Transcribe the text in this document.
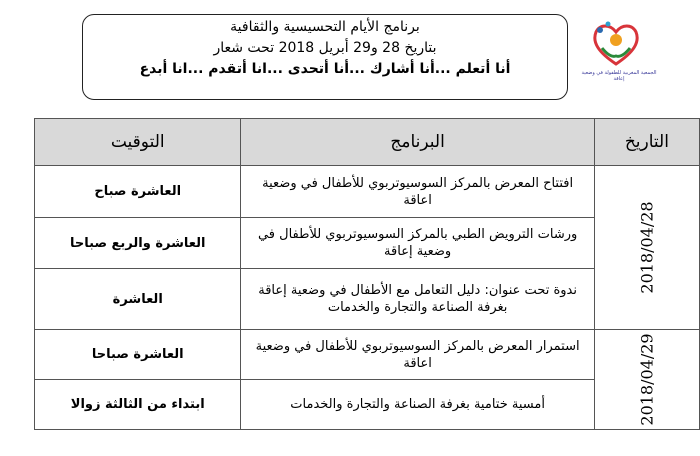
برنامج الأيام التحسيسية والثقافية
بتاريخ 28 و29 أبريل 2018 تحت شعار
أنا أتعلم ...أنا أشارك ...أنا أتحدى ...انا أتقدم ...انا أبدع	الجمعية المغربية للطفولة في وضعية إعاقة
التاريخ	البرنامج	التوقيت
2018/04/28	افتتاح المعرض بالمركز السوسيوتربوي للأطفال في وضعية اعاقة	العاشرة صباح
	ورشات الترويض الطبي بالمركز السوسيوتربوي للأطفال في وضعية إعاقة	العاشرة والربع صباحا
	ندوة تحت عنوان: دليل التعامل مع الأطفال في وضعية إعاقة بغرفة الصناعة والتجارة والخدمات	العاشرة
2018/04/29	استمرار المعرض بالمركز السوسيوتربوي للأطفال في وضعية اعاقة	العاشرة صباحا
	أمسية ختامية بغرفة الصناعة والتجارة والخدمات	ابتداء من الثالثة زوالا
